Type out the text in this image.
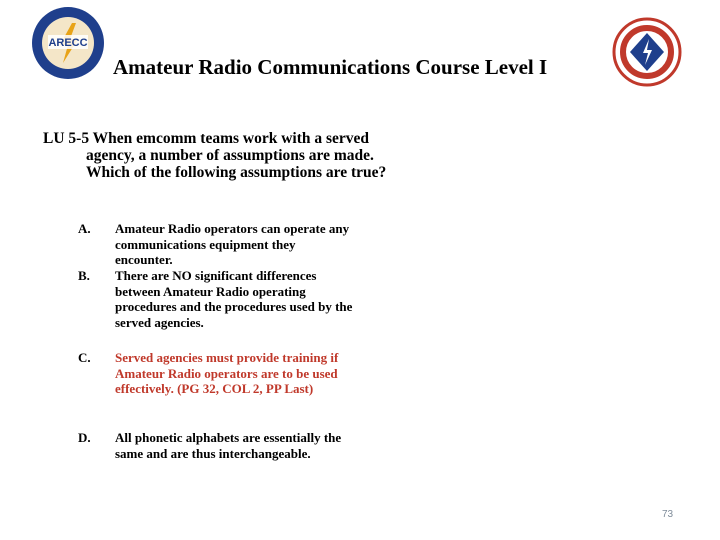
ARECC
Amateur Radio Communications Course Level I
LU 5-5 When emcomm teams work with a served agency, a number of assumptions are made. Which of the following assumptions are true?
A.	Amateur Radio operators can operate any communications equipment they encounter.
B.	There are NO significant differences between Amateur Radio operating procedures and the procedures used by the served agencies.
C.	Served agencies must provide training if Amateur Radio operators are to be used effectively. (PG 32, COL 2, PP Last)
D.	All phonetic alphabets are essentially the same and are thus interchangeable.
73
